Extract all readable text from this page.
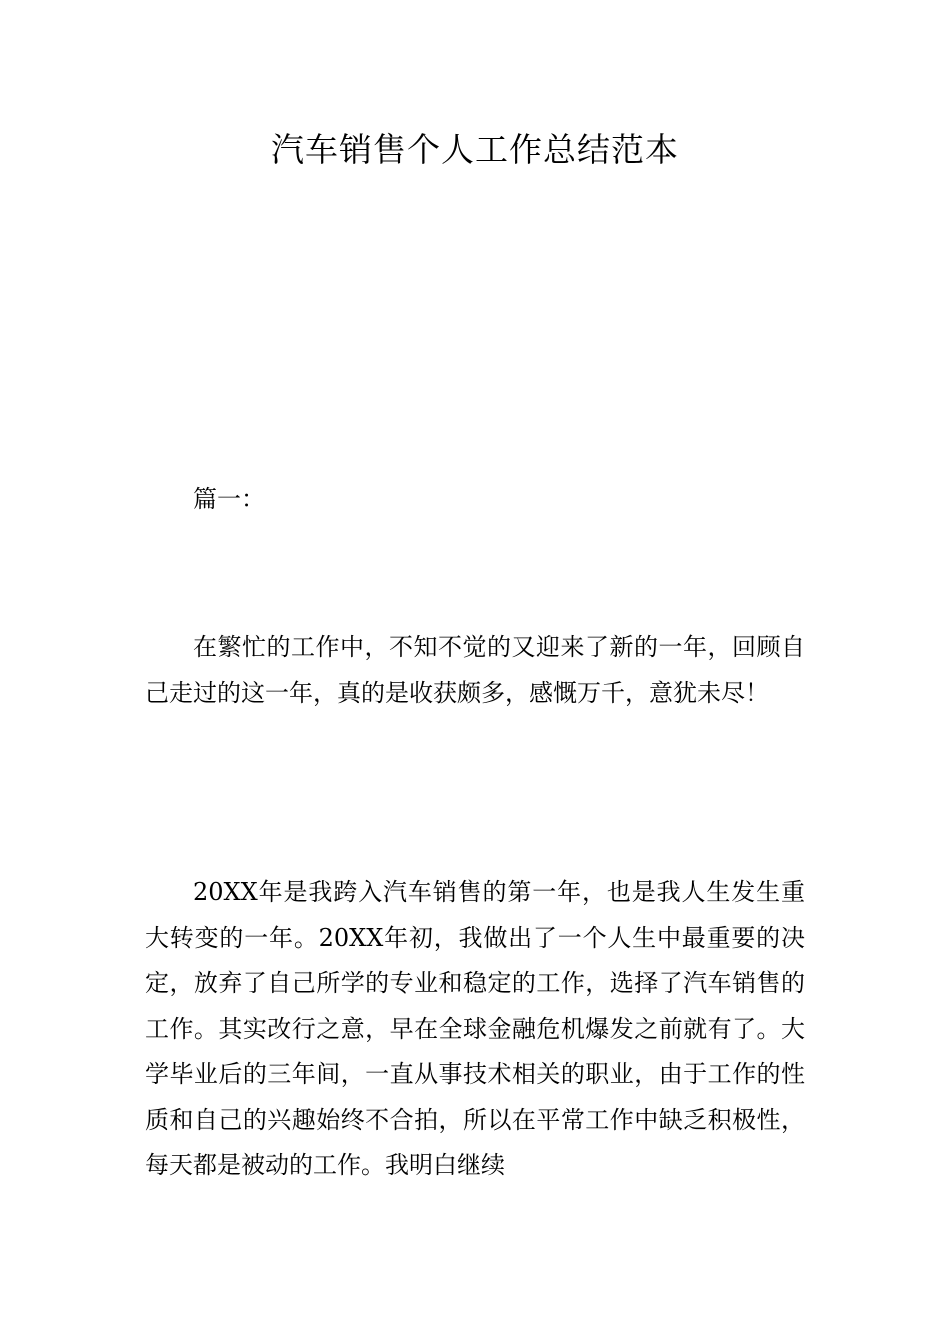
汽车销售个人工作总结范本

篇一：

在繁忙的工作中，不知不觉的又迎来了新的一年，回顾自己走过的这一年，真的是收获颇多，感慨万千，意犹未尽！

20XX年是我跨入汽车销售的第一年，也是我人生发生重大转变的一年。20XX年初，我做出了一个人生中最重要的决定，放弃了自己所学的专业和稳定的工作，选择了汽车销售的工作。其实改行之意，早在全球金融危机爆发之前就有了。大学毕业后的三年间，一直从事技术相关的职业，由于工作的性质和自己的兴趣始终不合拍，所以在平常工作中缺乏积极性，每天都是被动的工作。我明白继续
